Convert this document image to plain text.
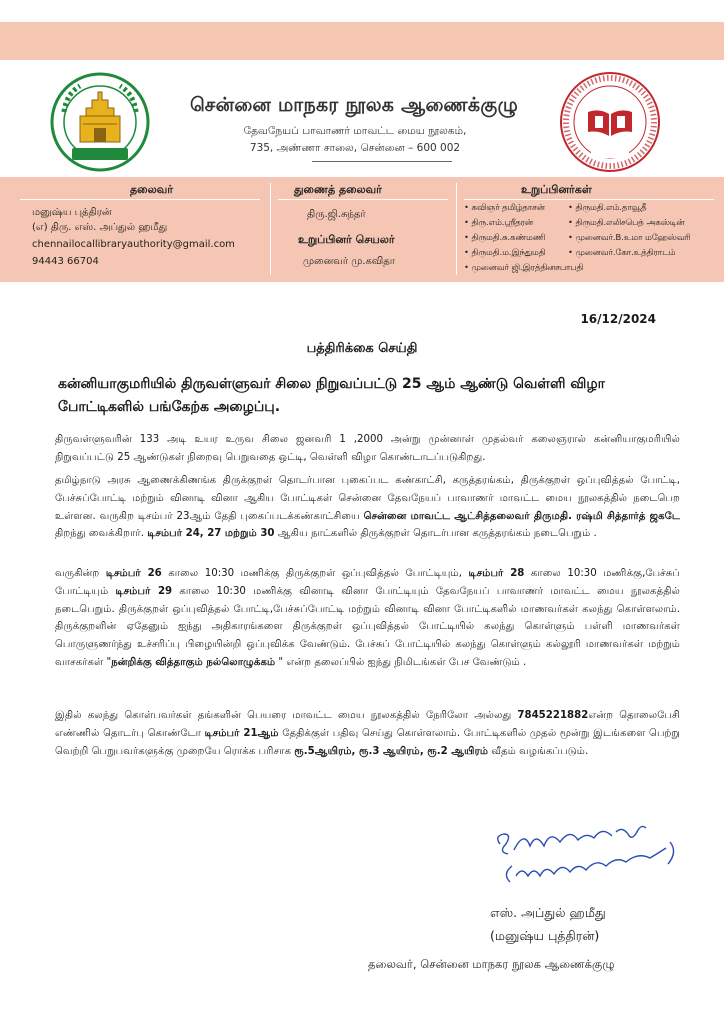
சென்னை மாநகர நூலக ஆணைக்குழு
தேவநேயப் பாவாணர் மாவட்ட மைய நூலகம்,
735, அண்ணா சாலை, சென்னை – 600 002
தலைவர்
மனுஷ்ய புத்திரன்
(எ) திரு. எஸ். அப்துல் ஹமீது
chennailocallibraryauthority@gmail.com
94443 66704
துணைத் தலைவர்
திரு.ஜி.சுந்தர்
உறுப்பினர் செயலர்
முனைவர் மு.கவிதா
உறுப்பினர்கள்
• கவிஞர் தமிழ்தாசன்	• திருமதி.எம்.தாவூதீ
• திரு.எம்.ஸ்ரீதரன்	• திருமதி.எலிசபெத் அகஸ்டின்
• திருமதி.சு.கண்மணி	• முனைவர்.B.உமா மஹேஸ்வரி
• திருமதி.ம.இந்துமதி	• முனைவர்.கோ.உத்திராடம்
• முனைவர் ஜி.இரத்தினசபாபதி
16/12/2024
பத்திரிக்கை செய்தி
கன்னியாகுமரியில் திருவள்ளுவர் சிலை நிறுவப்பட்டு 25 ஆம் ஆண்டு வெள்ளி விழா போட்டிகளில் பங்கேற்க அழைப்பு.
திருவள்ளுவரின் 133 அடி உயர உருவ சிலை ஜனவரி 1 ,2000 அன்று முன்னாள் முதல்வர் கலைஞரால் கன்னியாகுமரியில் நிறுவப்பட்டு 25 ஆண்டுகள் நிறைவு பெறுவதை ஒட்டி, வெள்ளி விழா கொண்டாடப்படுகிறது.
தமிழ்நாடு அரசு ஆணைக்கிணங்க திருக்குறள் தொடர்பான புகைப்பட கண்காட்சி, கருத்தரங்கம், திருக்குறள் ஒப்புவித்தல் போட்டி, பேச்சுப்போட்டி மற்றும் வினாடி வினா ஆகிய போட்டிகள் சென்னை தேவநேயப் பாவாணர் மாவட்ட மைய நூலகத்தில் நடைபெற உள்ளன. வருகிற டிசம்பர் 23ஆம் தேதி புகைப்படக்கண்காட்சியை சென்னை மாவட்ட ஆட்சித்தலைவர் திருமதி. ரஷ்மி சித்தார்த் ஜகடே திறந்து வைக்கிறார். டிசம்பர் 24, 27 மற்றும் 30 ஆகிய நாட்களில் திருக்குறள் தொடர்பான கருத்தரங்கம் நடைபெறும் .
வருகின்ற டிசம்பர் 26 காலை 10:30 மணிக்கு திருக்குறள் ஒப்புவித்தல் போட்டியும், டிசம்பர் 28 காலை 10:30 மணிக்கு,பேச்சுப் போட்டியும் டிசம்பர் 29 காலை 10:30 மணிக்கு வினாடி வினா போட்டியும் தேவநேயப் பாவாணர் மாவட்ட மைய நூலகத்தில் நடைபெறும். திருக்குறள் ஒப்புவித்தல் போட்டி,பேச்சுப்போட்டி மற்றும் வினாடி வினா போட்டிகளில் மாணவர்கள் கலந்து கொள்ளலாம். திருக்குறளின் ஏதேனும் ஐந்து அதிகாரங்களை திருக்குறள் ஒப்புவித்தல் போட்டியில் கலந்து கொள்ளும் பள்ளி மாணவர்கள் பொருளுணர்ந்து உச்சரிப்பு பிழையின்றி ஒப்புவிக்க வேண்டும். பேச்சுப் போட்டியில் கலந்து கொள்ளும் கல்லூரி மாணவர்கள் மற்றும் வாசகர்கள் "நன்றிக்கு வித்தாகும் நல்லொழுக்கம் " என்ற தலைப்பில் ஐந்து நிமிடங்கள் பேச வேண்டும் .
இதில் கலந்து கொள்பவர்கள் தங்களின் பெயரை மாவட்ட மைய நூலகத்தில் நேரிலோ அல்லது 7845221882என்ற தொலைபேசி எண்ணில் தொடர்பு கொண்டோ டிசம்பர் 21ஆம் தேதிக்குள் பதிவு செய்து கொள்ளலாம். போட்டிகளில் முதல் மூன்று இடங்களை பெற்று வெற்றி பெறுபவர்களுக்கு முறையே ரொக்க பரிசாக ரூ.5ஆயிரம், ரூ.3 ஆயிரம், ரூ.2 ஆயிரம் வீதம் வழங்கப்படும்.
எஸ். அப்துல் ஹமீது
(மனுஷ்ய புத்திரன்)
தலைவர், சென்னை மாநகர நூலக ஆணைக்குழு
